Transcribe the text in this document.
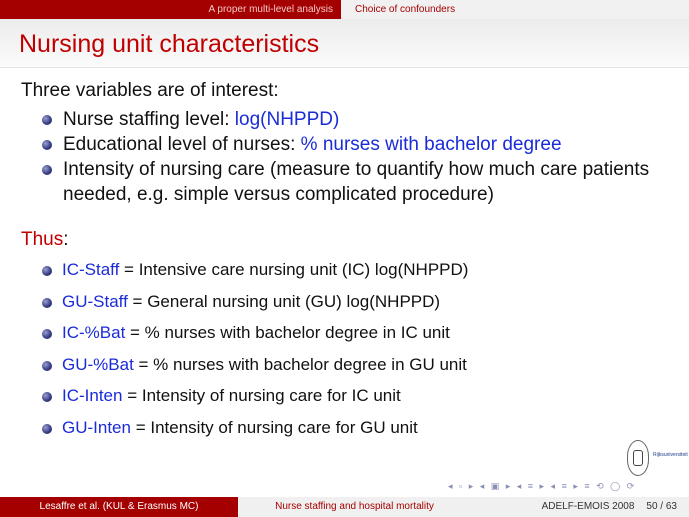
A proper multi-level analysis	Choice of confounders
Nursing unit characteristics
Three variables are of interest:
Nurse staffing level: log(NHPPD)
Educational level of nurses: % nurses with bachelor degree
Intensity of nursing care (measure to quantify how much care patients needed, e.g. simple versus complicated procedure)
Thus:
IC-Staff = Intensive care nursing unit (IC) log(NHPPD)
GU-Staff = General nursing unit (GU) log(NHPPD)
IC-%Bat = % nurses with bachelor degree in IC unit
GU-%Bat = % nurses with bachelor degree in GU unit
IC-Inten = Intensity of nursing care for IC unit
GU-Inten = Intensity of nursing care for GU unit
Rijksuniversiteit
◂ ▫ ▸ ◂ ▣ ▸ ◂ ≡ ▸ ◂ ≡ ▸ ≡ ⟲ ◯ ⟳
Lesaffre et al. (KUL & Erasmus MC)	Nurse staffing and hospital mortality	ADELF-EMOIS 2008	50 / 63
